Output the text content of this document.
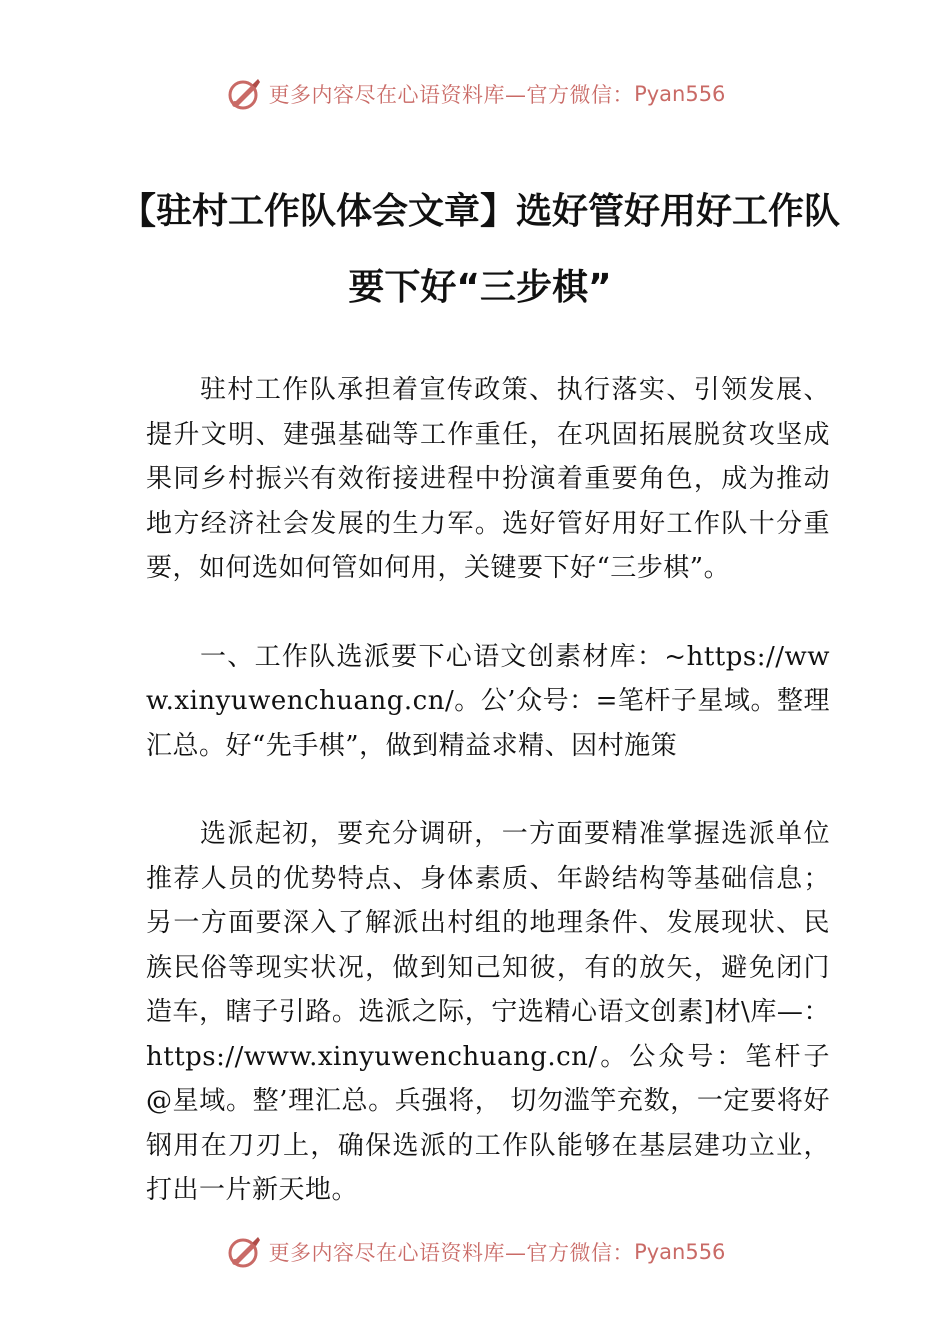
更多内容尽在心语资料库—官方微信： Pyan556
【驻村工作队体会文章】选好管好用好工作队要下好“三步棋”

驻村工作队承担着宣传政策、执行落实、引领发展、提升文明、建强基础等工作重任，在巩固拓展脱贫攻坚成果同乡村振兴有效衔接进程中扮演着重要角色，成为推动地方经济社会发展的生力军。选好管好用好工作队十分重要，如何选如何管如何用，关键要下好“三步棋”。

一、工作队选派要下心语文创素材库：~https://www.xinyuwenchuang.cn/。公’众号：=笔杆子星域。整理汇总。好“先手棋”，做到精益求精、因村施策

选派起初，要充分调研，一方面要精准掌握选派单位推荐人员的优势特点、身体素质、年龄结构等基础信息；另一方面要深入了解派出村组的地理条件、发展现状、民族民俗等现实状况，做到知己知彼，有的放矢，避免闭门造车，瞎子引路。选派之际，宁选精心语文创素]材\库—：https://www.xinyuwenchuang.cn/。公众号：笔杆子@星域。整’理汇总。兵强将， 切勿滥竽充数，一定要将好钢用在刀刃上，确保选派的工作队能够在基层建功立业，打出一片新天地。

更多内容尽在心语资料库—官方微信： Pyan556
